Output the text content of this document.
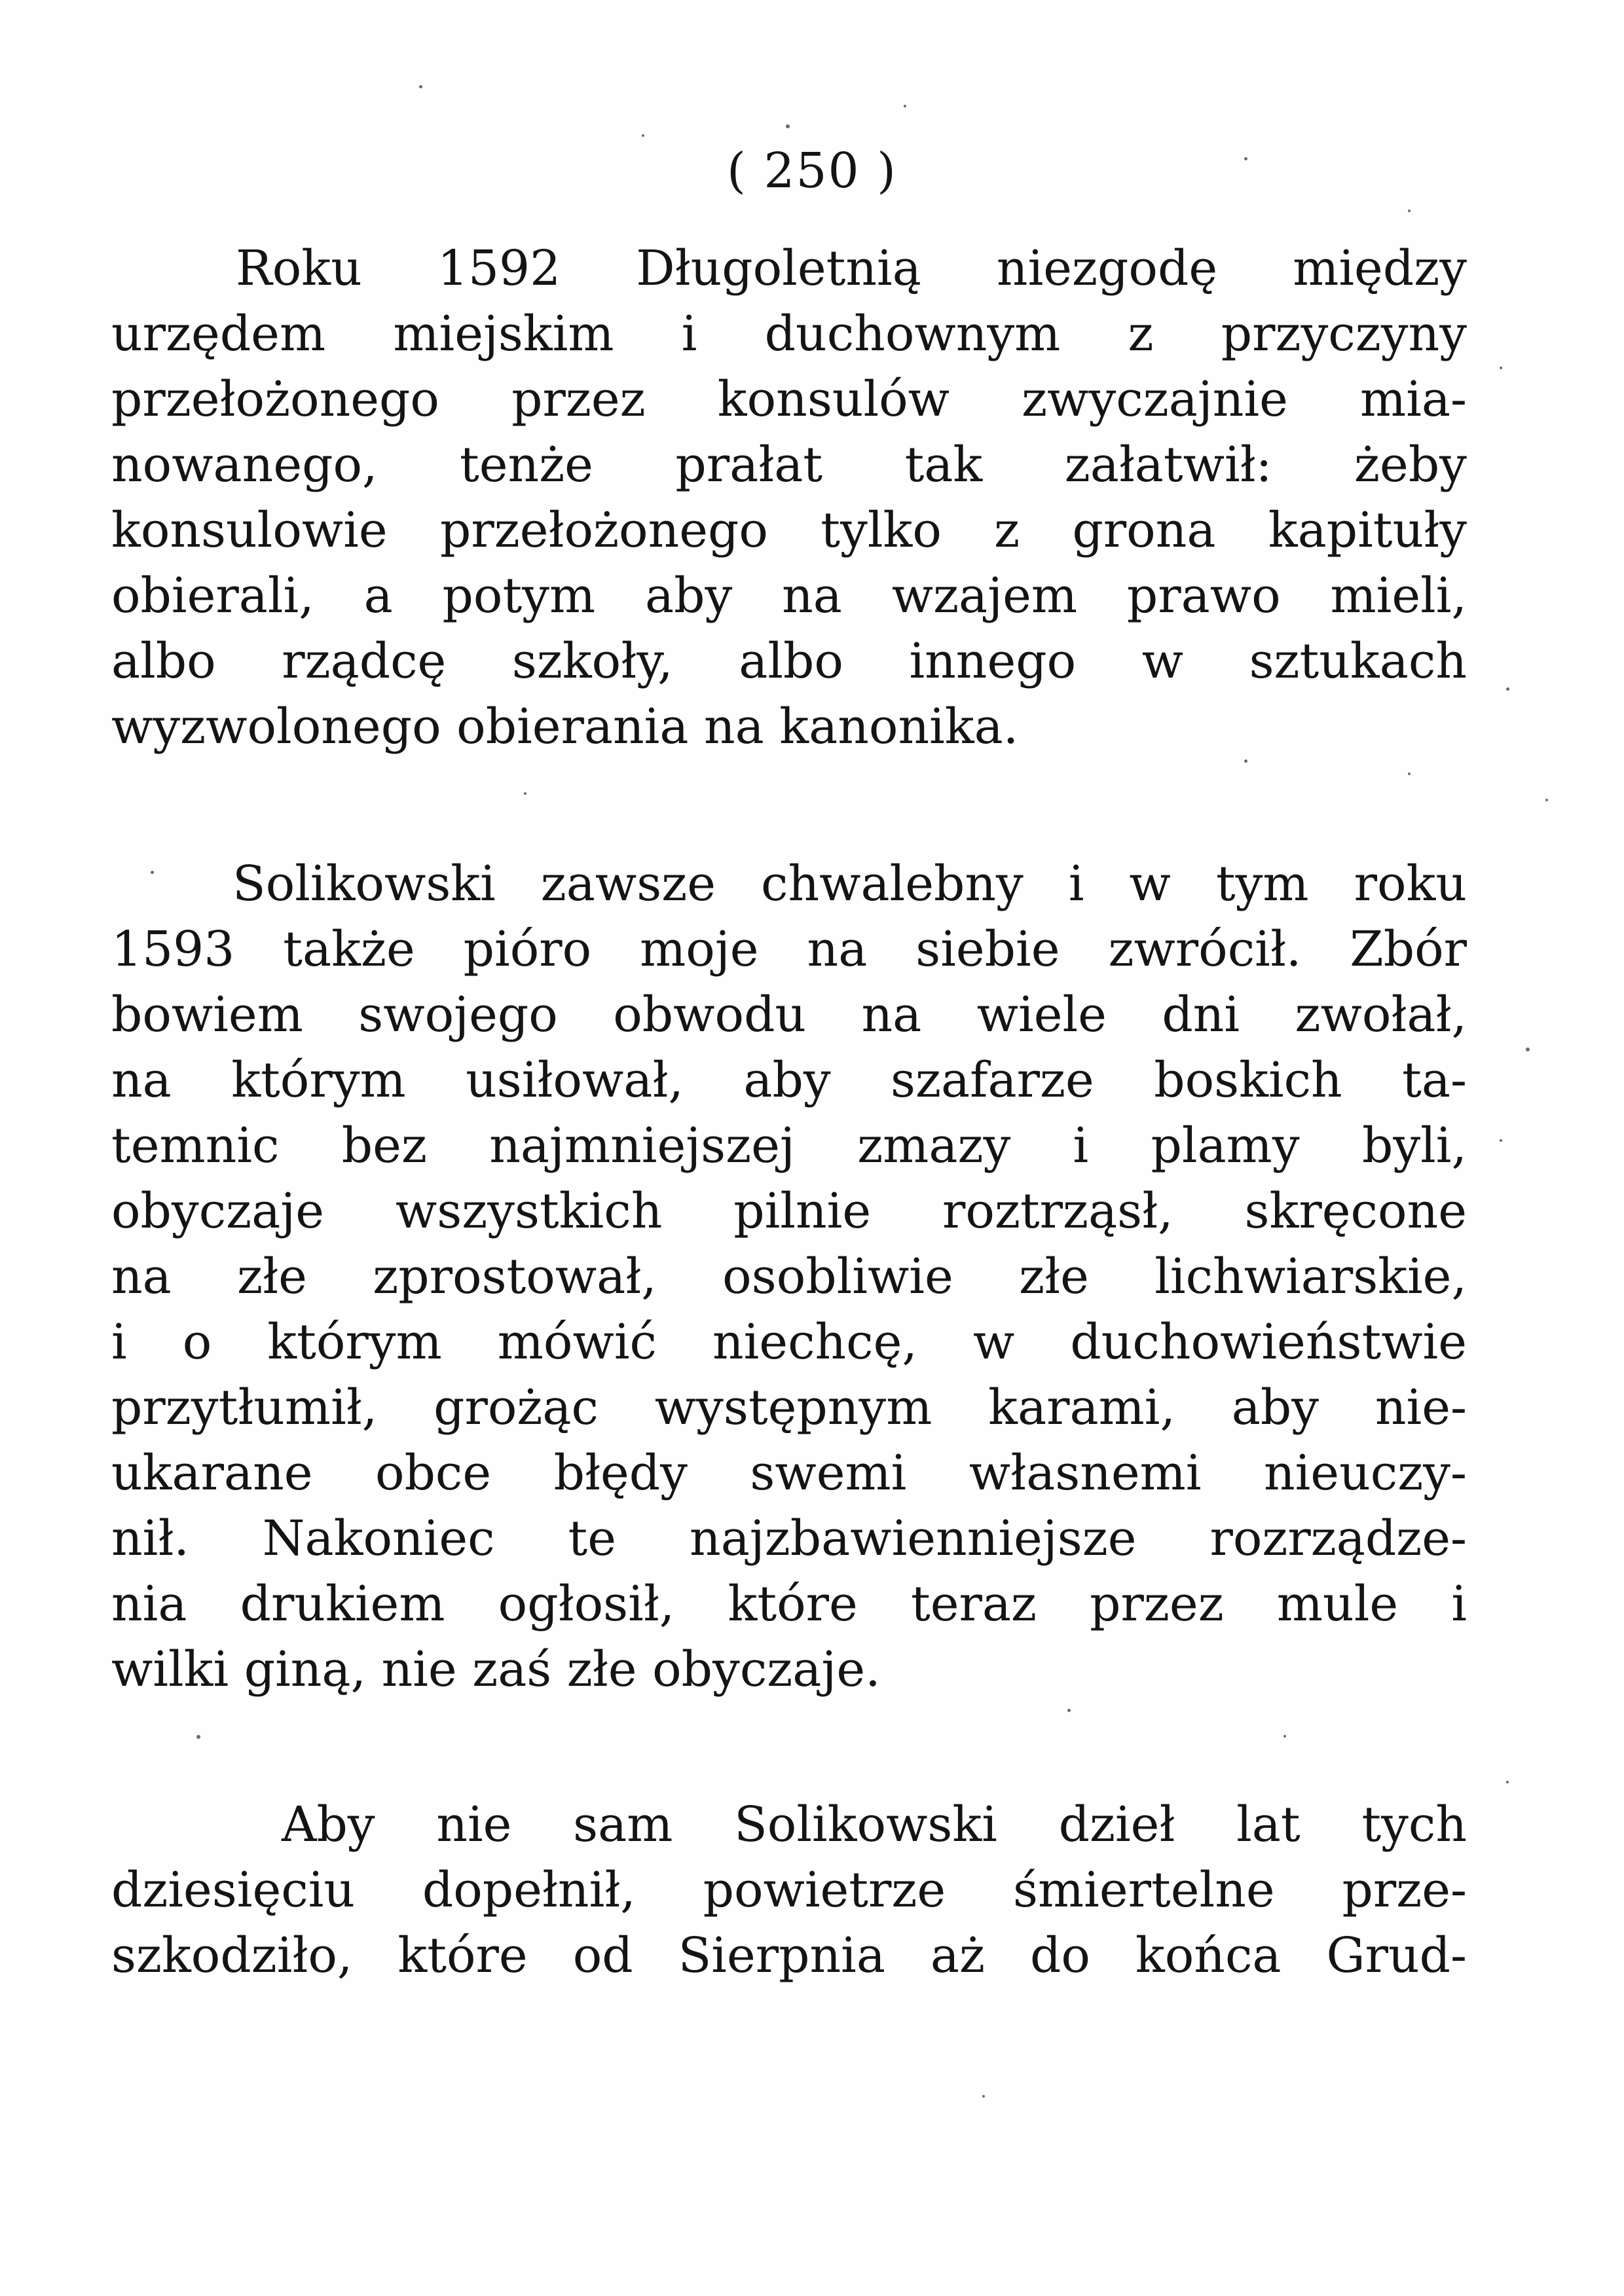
( 250 )
Roku 1592 Długoletnią niezgodę między
urzędem miejskim i duchownym z przyczyny
przełożonego przez konsulów zwyczajnie mia-
nowanego, tenże prałat tak załatwił: żeby
konsulowie przełożonego tylko z grona kapituły
obierali, a potym aby na wzajem prawo mieli,
albo rządcę szkoły, albo innego w sztukach
wyzwolonego obierania na kanonika.
Solikowski zawsze chwalebny i w tym roku
1593 także pióro moje na siebie zwrócił. Zbór
bowiem swojego obwodu na wiele dni zwołał,
na którym usiłował, aby szafarze boskich ta-
temnic bez najmniejszej zmazy i plamy byli,
obyczaje wszystkich pilnie roztrząsł, skręcone
na złe zprostował, osobliwie złe lichwiarskie,
i o którym mówić niechcę, w duchowieństwie
przytłumił, grożąc występnym karami, aby nie-
ukarane obce błędy swemi własnemi nieuczy-
nił. Nakoniec te najzbawienniejsze rozrządze-
nia drukiem ogłosił, które teraz przez mule i
wilki giną, nie zaś złe obyczaje.
Aby nie sam Solikowski dzieł lat tych
dziesięciu dopełnił, powietrze śmiertelne prze-
szkodziło, które od Sierpnia aż do końca Grud-
